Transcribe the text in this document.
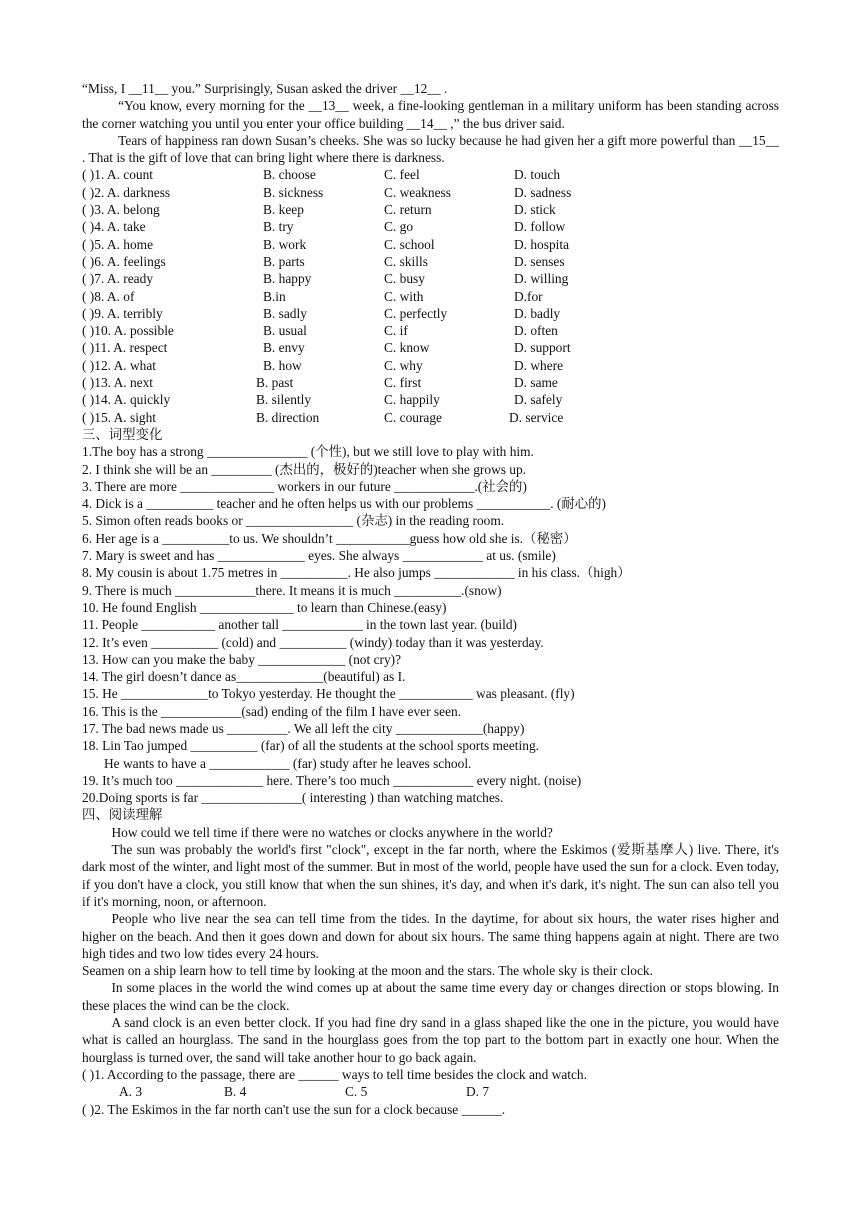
“Miss, I __11__ you.” Surprisingly, Susan asked the driver __12__ .

“You know, every morning for the __13__ week, a fine-looking gentleman in a military uniform has been standing across the corner watching you until you enter your office building __14__ ,” the bus driver said.

Tears of happiness ran down Susan’s cheeks. She was so lucky because he had given her a gift more powerful than __15__ . That is the gift of love that can bring light where there is darkness.

( )1. A. count	B. choose	C. feel	D. touch
( )2. A. darkness	B. sickness	C. weakness	D. sadness
( )3. A. belong	B. keep	C. return	D. stick
( )4. A. take	B. try	C. go	D. follow
( )5. A. home	B. work	C. school	D. hospita
( )6. A. feelings	B. parts	C. skills	D. senses
( )7. A. ready	B. happy	C. busy	D. willing
( )8. A. of	B.in	C. with	D.for
( )9. A. terribly	B. sadly	C. perfectly	D. badly
( )10. A. possible	B. usual	C. if	D. often
( )11. A. respect	B. envy	C. know	D. support
( )12. A. what	B. how	C. why	D. where
( )13. A. next	B. past	C. first	D. same
( )14. A. quickly	B. silently	C. happily	D. safely
( )15. A. sight	B. direction	C. courage	D. service

三、词型变化

1.The boy has a strong _______________ (个性), but we still love to play with him.

2. I think she will be an _________ (杰出的，极好的)teacher when she grows up.

3. There are more ______________ workers in our future ____________.(社会的)

4. Dick is a __________ teacher and he often helps us with our problems ___________. (耐心的)

5. Simon often reads books or ________________ (杂志) in the reading room.

6. Her age is a __________to us. We shouldn’t ___________guess how old she is.（秘密）

7. Mary is sweet and has _____________ eyes. She always ____________ at us. (smile)

8. My cousin is about 1.75 metres in __________. He also jumps ____________ in his class.（high）

9. There is much ____________there. It means it is much __________.(snow)

10. He found English ______________ to learn than Chinese.(easy)

11. People ___________ another tall ____________ in the town last year. (build)

12. It’s even __________ (cold) and __________ (windy) today than it was yesterday.

13. How can you make the baby _____________ (not cry)?

14. The girl doesn’t dance as_____________(beautiful) as I.

15. He _____________to Tokyo yesterday. He thought the ___________ was pleasant. (fly)

16. This is the ____________(sad) ending of the film I have ever seen.

17. The bad news made us _________. We all left the city _____________(happy)

18. Lin Tao jumped __________ (far) of all the students at the school sports meeting.

He wants to have a ____________ (far) study after he leaves school.

19. It’s much too _____________ here. There’s too much ____________ every night. (noise)

20.Doing sports is far _______________( interesting ) than watching matches.

四、阅读理解

How could we tell time if there were no watches or clocks anywhere in the world?

The sun was probably the world's first "clock", except in the far north, where the Eskimos (爱斯基摩人) live. There, it's dark most of the winter, and light most of the summer. But in most of the world, people have used the sun for a clock. Even today, if you don't have a clock, you still know that when the sun shines, it's day, and when it's dark, it's night. The sun can also tell you if it's morning, noon, or afternoon.

People who live near the sea can tell time from the tides. In the daytime, for about six hours, the water rises higher and higher on the beach. And then it goes down and down for about six hours. The same thing happens again at night. There are two high tides and two low tides every 24 hours.

Seamen on a ship learn how to tell time by looking at the moon and the stars. The whole sky is their clock.

In some places in the world the wind comes up at about the same time every day or changes direction or stops blowing. In these places the wind can be the clock.

A sand clock is an even better clock. If you had fine dry sand in a glass shaped like the one in the picture, you would have what is called an hourglass. The sand in the hourglass goes from the top part to the bottom part in exactly one hour. When the hourglass is turned over, the sand will take another hour to go back again.

( )1. According to the passage, there are ______ ways to tell time besides the clock and watch.

A. 3	B. 4	C. 5	D. 7

( )2. The Eskimos in the far north can't use the sun for a clock because ______.
